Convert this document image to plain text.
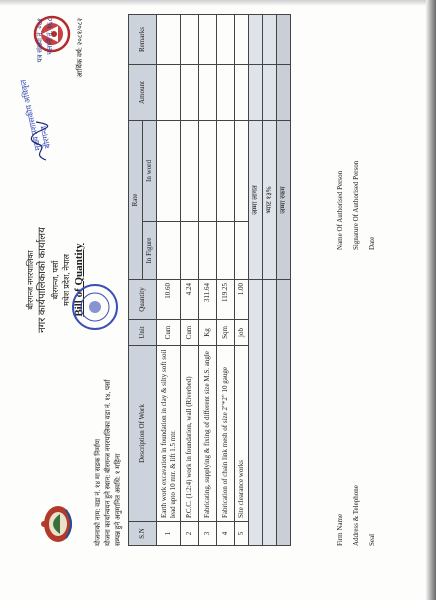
बीरगन्ज नगरपालिका नगर कार्यपालिकाको कार्यालय बीरगन्ज, पर्सा मधेश प्रदेश, नेपाल Bill of Quantity
पत्र संख्या नं. ०८१ चलानी नं. १६८
मुख्य प्रशासकीय अधिकृत
बीरगन्ज
आर्थिक वर्ष: २०८१/०८२
योजनाको नाम: वडा नं. १४ मा सडक निर्माण योजना कार्यान्वयन हुने स्थान: बीरगन्ज नगरपालिका वडा नं. १४, पर्सा सम्पन्न हुने अनुमानित अवधि: १ महिना S.N	Description Of Work	Unit	Quantity	Rate		Amount	Remarks
				In Figure	In word		
1	Earth work excavation in foundation in clay & silty soft soil lead upto 10 mtr. & lift 1.5 mtr.	Cum	10.60				
2	P.C.C. (1:2:4) work in foundation, wall (Riverbed)	Cum	4.24				
3	Fabricating, supplying & fixing of different size M.S. angle	Kg	311.64				
4	Fabrication of chain link mesh of size 2"*2" 10 gauge	Sqm	119.25				
5	Site clearance works	job	1.00				
				जम्मा लागत			
				भ्याट १३%			
				जम्मा रकम			
Firm Name Address & Telephone Seal
Name Of Authorised Person Signature Of Authorised Person Date
